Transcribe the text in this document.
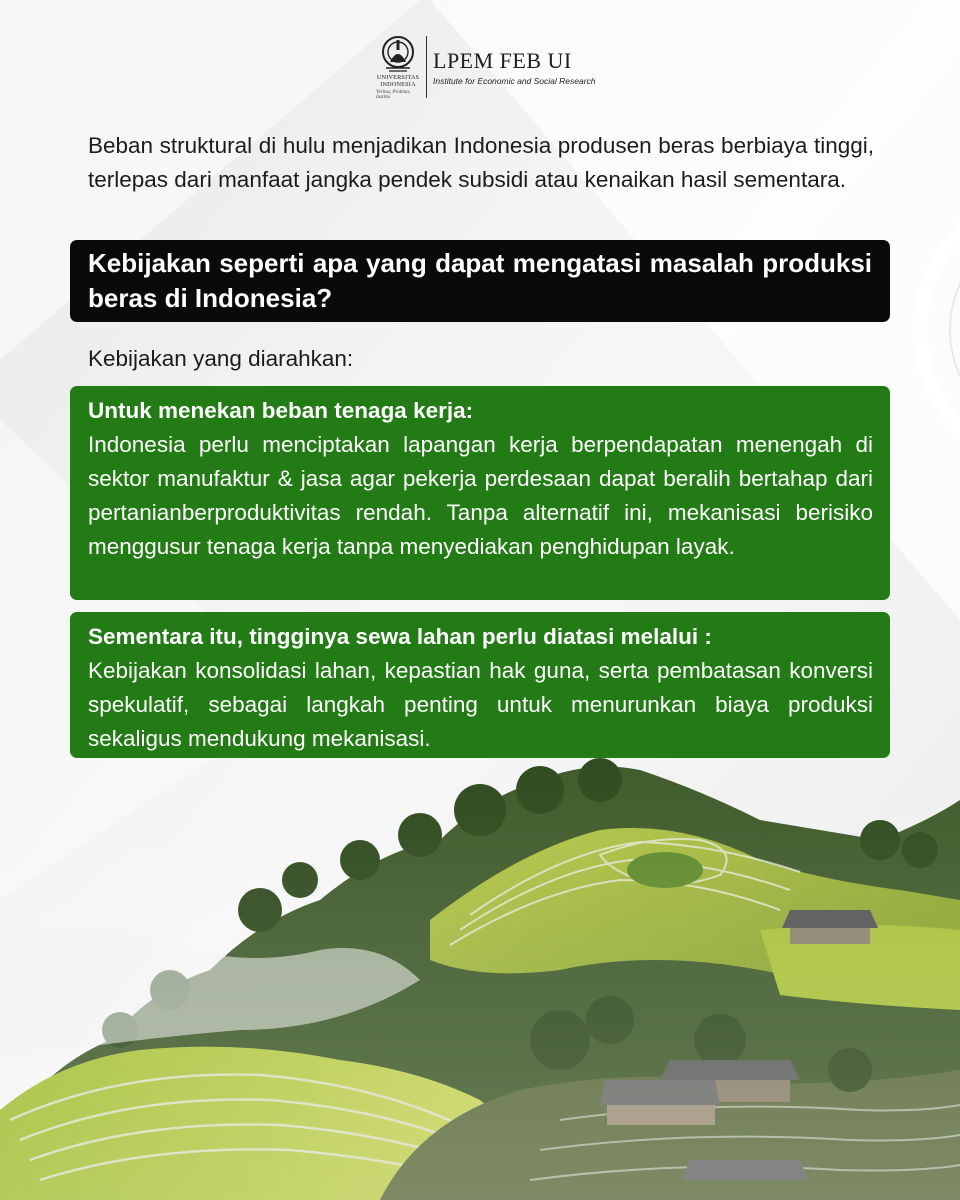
UNIVERSITAS
INDONESIA
Veritas, Probitas, Iustitia
LPEM FEB UI
Institute for Economic and Social Research
Beban struktural di hulu menjadikan Indonesia produsen beras berbiaya tinggi, terlepas dari manfaat jangka pendek subsidi atau kenaikan hasil sementara.
Kebijakan seperti apa yang dapat mengatasi masalah produksi beras di Indonesia?
Kebijakan yang diarahkan:
Untuk menekan beban tenaga kerja:
Indonesia perlu menciptakan lapangan kerja berpendapatan menengah di sektor manufaktur & jasa agar pekerja perdesaan dapat beralih bertahap dari pertanianberproduktivitas rendah. Tanpa alternatif ini, mekanisasi berisiko menggusur tenaga kerja tanpa menyediakan penghidupan layak.
Sementara itu, tingginya sewa lahan perlu diatasi melalui :
Kebijakan konsolidasi lahan, kepastian hak guna, serta pembatasan konversi spekulatif, sebagai langkah penting untuk menurunkan biaya produksi sekaligus mendukung mekanisasi.
